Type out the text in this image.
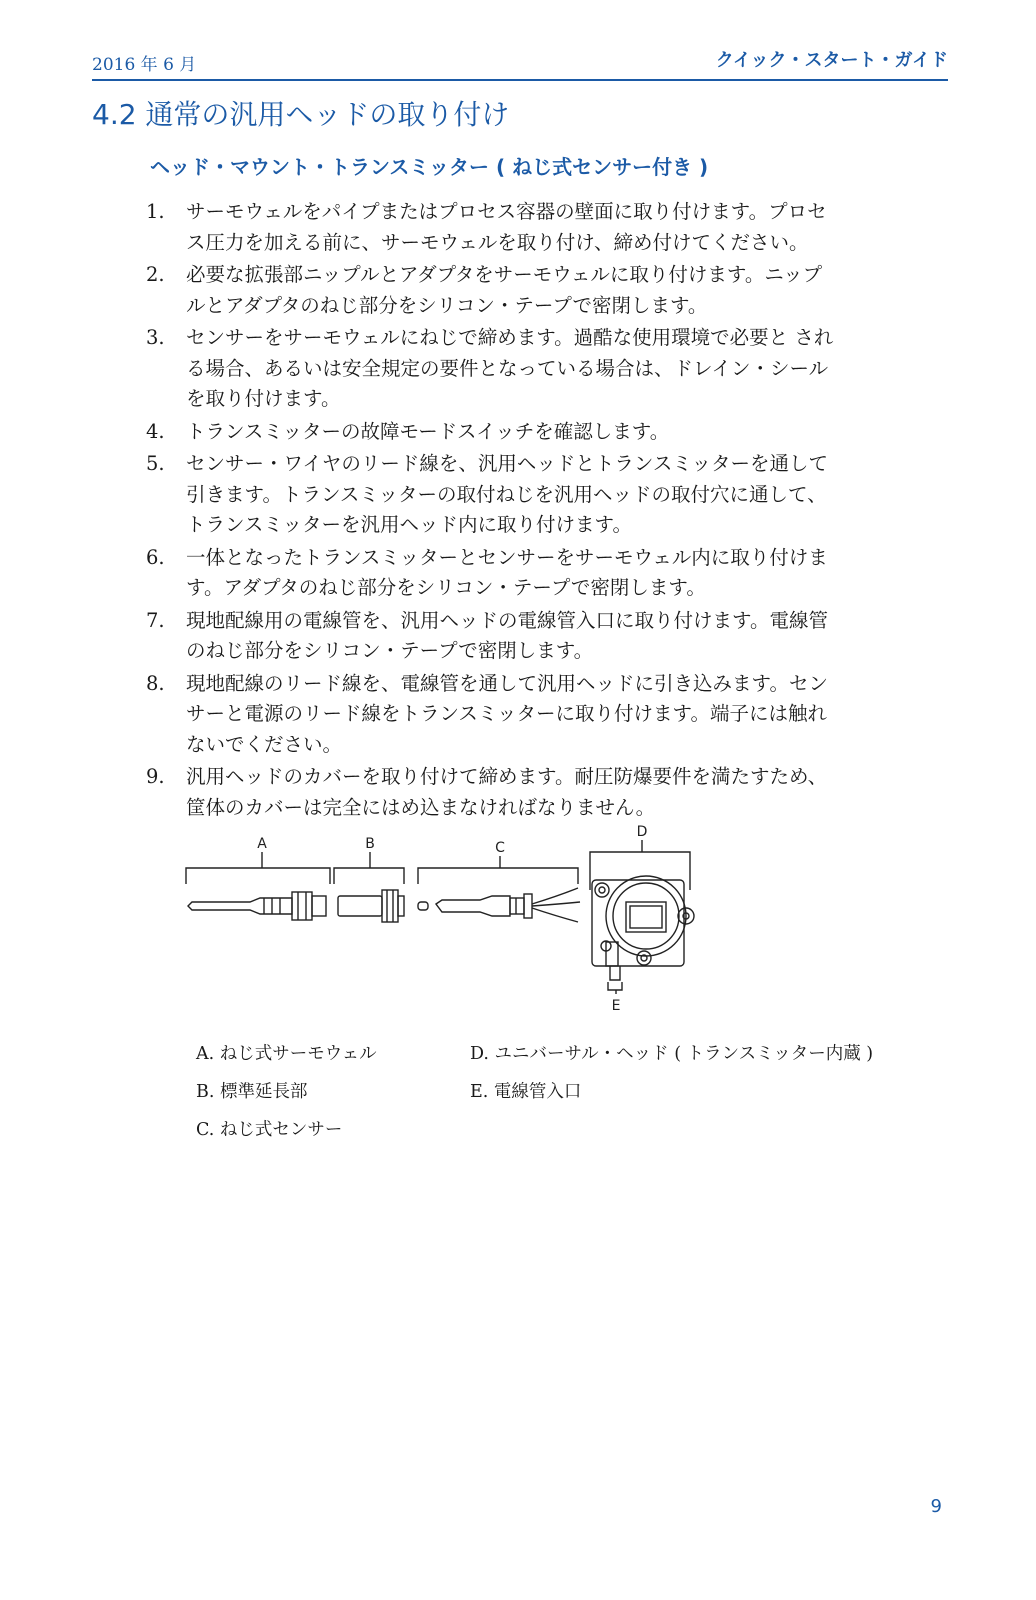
2016 年 6 月	クイック・スタート・ガイド
4.2 通常の汎用ヘッドの取り付け
ヘッド・マウント・トランスミッター ( ねじ式センサー付き )
1. サーモウェルをパイプまたはプロセス容器の壁面に取り付けます。プロセ
ス圧力を加える前に、サーモウェルを取り付け、締め付けてください。
2. 必要な拡張部ニップルとアダプタをサーモウェルに取り付けます。ニップ
ルとアダプタのねじ部分をシリコン・テープで密閉します。
3. センサーをサーモウェルにねじで締めます。過酷な使用環境で必要と され
る場合、あるいは安全規定の要件となっている場合は、ドレイン・シール
を取り付けます。
4. トランスミッターの故障モードスイッチを確認します。
5. センサー・ワイヤのリード線を、汎用ヘッドとトランスミッターを通して
引きます。トランスミッターの取付ねじを汎用ヘッドの取付穴に通して、
トランスミッターを汎用ヘッド内に取り付けます。
6. 一体となったトランスミッターとセンサーをサーモウェル内に取り付けま
す。アダプタのねじ部分をシリコン・テープで密閉します。
7. 現地配線用の電線管を、汎用ヘッドの電線管入口に取り付けます。電線管
のねじ部分をシリコン・テープで密閉します。
8. 現地配線のリード線を、電線管を通して汎用ヘッドに引き込みます。セン
サーと電源のリード線をトランスミッターに取り付けます。端子には触れ
ないでください。
9. 汎用ヘッドのカバーを取り付けて締めます。耐圧防爆要件を満たすため、
筐体のカバーは完全にはめ込まなければなりません。
A	B	C
D
E
A. ねじ式サーモウェル
B. 標準延長部
C. ねじ式センサー
D. ユニバーサル・ヘッド ( トランスミッター内蔵 )
E. 電線管入口
9
